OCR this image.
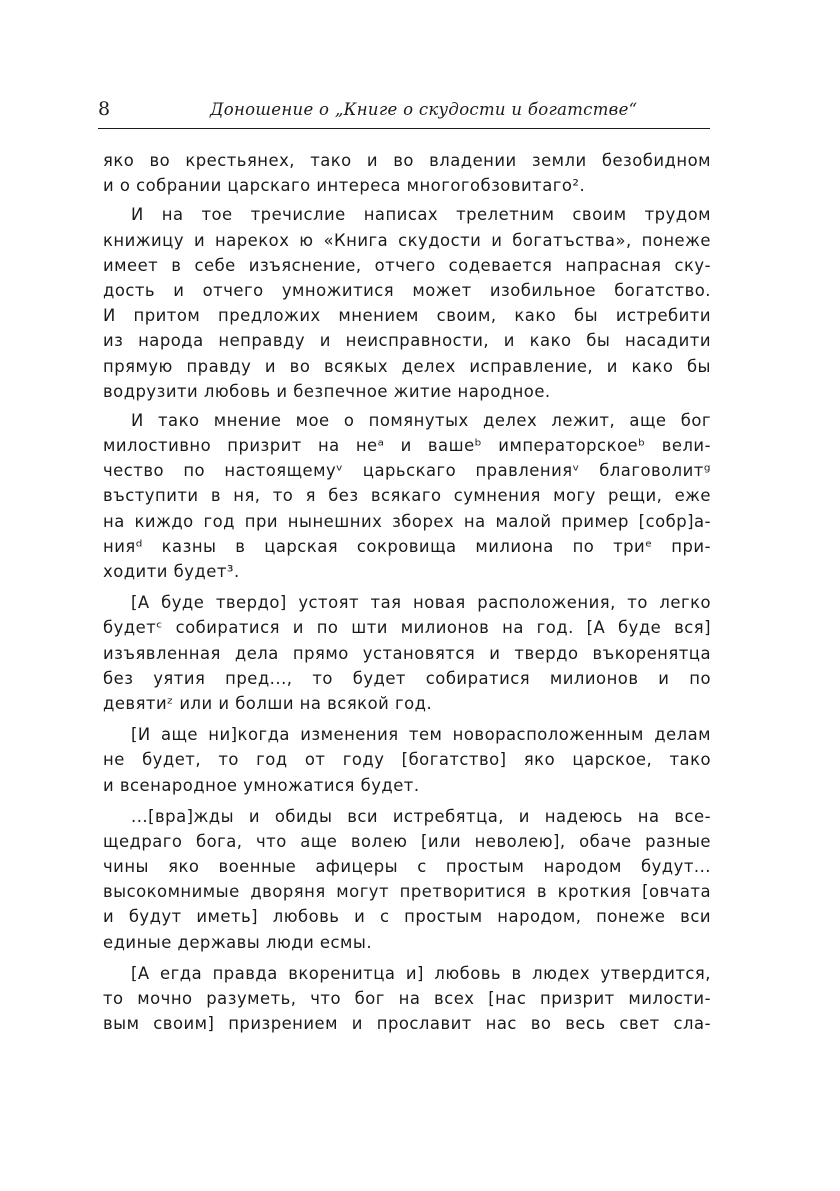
8	Доношение о „Книге о скудости и богатстве“
яко во крестьянех, тако и во владении земли безобидном
и о собрании царскаго интереса многогобзовитаго².
И на тое тречислие написах трелетним своим трудом
книжицу и нарекох ю «Книга скудости и богатъства», понеже
имеет в себе изъяснение, отчего содевается напрасная ску-
дость и отчего умножитися может изобильное богатство.
И притом предложих мнением своим, како бы истребити
из народа неправду и неисправности, и како бы насадити
прямую правду и во всякых делех исправление, и како бы
водрузити любовь и безпечное житие народное.
И тако мнение мое о помянутых делех лежит, аще бог
милостивно призрит на неᵃ и вашеᵇ императорскоеᵇ вели-
чество по настоящемуᵛ царьскаго правленияᵛ благоволитᵍ
въступити в ня, то я без всякаго сумнения могу рещи, еже
на киждо год при нынешних зборех на малой пример [собр]а-
нияᵈ казны в царская сокровища милиона по триᵉ при-
ходити будет³.
[А буде твердо] устоят тая новая расположения, то легко
будетᶜ собиратися и по шти милионов на год. [А буде вся]
изъявленная дела прямо установятся и твердо въкоренятца
без уятия пред..., то будет собиратися милионов и по
девятиᶻ или и болши на всякой год.
[И аще ни]когда изменения тем новорасположенным делам
не будет, то год от году [богатство] яко царское, тако
и всенародное умножатися будет.
...[вра]жды и обиды вси истребятца, и надеюсь на все-
щедраго бога, что аще волею [или неволею], обаче разные
чины яко военные афицеры с простым народом будут...
высокомнимые дворяня могут претворитися в кроткия [овчата
и будут иметь] любовь и с простым народом, понеже вси
единые державы люди есмы.
[А егда правда вкоренитца и] любовь в людех утвердится,
то мочно разуметь, что бог на всех [нас призрит милости-
вым своим] призрением и прославит нас во весь свет сла-
